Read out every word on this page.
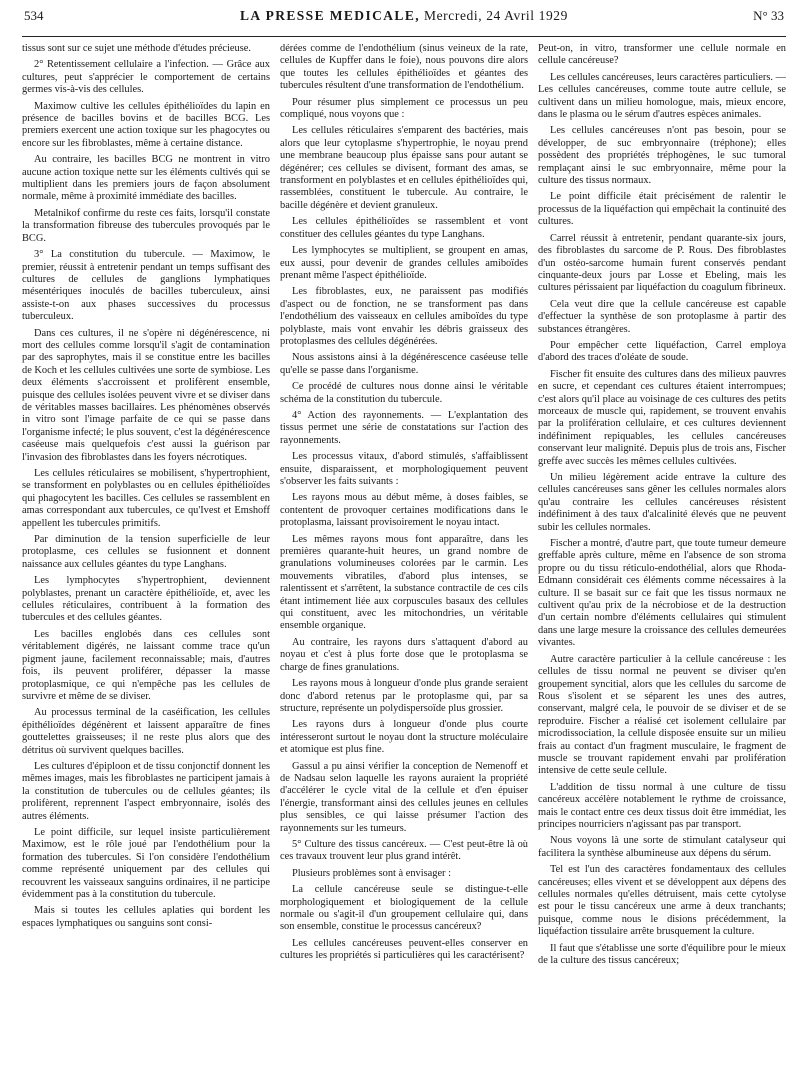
534	LA PRESSE MEDICALE, Mercredi, 24 Avril 1929	N° 33

tissus sont sur ce sujet une méthode d'études précieuse.

2° Retentissement cellulaire a l'infection. — Grâce aux cultures, peut s'apprécier le comportement de certains germes vis-à-vis des cellules.

Maximow cultive les cellules épithélioïdes du lapin en présence de bacilles bovins et de bacilles BCG. Les premiers exercent une action toxique sur les phagocytes ou encore sur les fibroblastes, même à certaine distance.

Au contraire, les bacilles BCG ne montrent in vitro aucune action toxique nette sur les éléments cultivés qui se multiplient dans les premiers jours de façon absolument normale, même à proximité immédiate des bacilles.

Metalnikof confirme du reste ces faits, lorsqu'il constate la transformation fibreuse des tubercules provoqués par le BCG.

3° La constitution du tubercule. — Maximow, le premier, réussit à entretenir pendant un temps suffisant des cultures de cellules de ganglions lymphatiques mésentériques inoculés de bacilles tuberculeux, ainsi assiste-t-on aux phases successives du processus tuberculeux.

Dans ces cultures, il ne s'opère ni dégénérescence, ni mort des cellules comme lorsqu'il s'agit de contamination par des saprophytes, mais il se constitue entre les bacilles de Koch et les cellules cultivées une sorte de symbiose. Les deux éléments s'accroissent et prolifèrent ensemble, puisque des cellules isolées peuvent vivre et se diviser dans de véritables masses bacillaires. Les phénomènes observés in vitro sont l'image parfaite de ce qui se passe dans l'organisme infecté; le plus souvent, c'est la dégénérescence caséeuse mais quelquefois c'est aussi la guérison par l'invasion des fibroblastes dans les foyers nécrotiques.

Les cellules réticulaires se mobilisent, s'hypertrophient, se transforment en polyblastes ou en cellules épithélioïdes qui phagocytent les bacilles. Ces cellules se rassemblent en amas correspondant aux tubercules, ce qu'Ivest et Emshoff appellent les tubercules primitifs.

Par diminution de la tension superficielle de leur protoplasme, ces cellules se fusionnent et donnent naissance aux cellules géantes du type Langhans.

Les lymphocytes s'hypertrophient, deviennent polyblastes, prenant un caractère épithélioïde, et, avec les cellules réticulaires, contribuent à la formation des tubercules et des cellules géantes.

Les bacilles englobés dans ces cellules sont véritablement digérés, ne laissant comme trace qu'un pigment jaune, facilement reconnaissable; mais, d'autres fois, ils peuvent proliférer, dépasser la masse protoplasmique, ce qui n'empêche pas les cellules de survivre et même de se diviser.

Au processus terminal de la caséification, les cellules épithélioïdes dégénèrent et laissent apparaître de fines gouttelettes graisseuses; il ne reste plus alors que des détritus où survivent quelques bacilles.

Les cultures d'épiploon et de tissu conjonctif donnent les mêmes images, mais les fibroblastes ne participent jamais à la constitution de tubercules ou de cellules géantes; ils prolifèrent, reprennent l'aspect embryonnaire, isolés des autres éléments.

Le point difficile, sur lequel insiste particulièrement Maximow, est le rôle joué par l'endothélium pour la formation des tubercules. Si l'on considère l'endothélium comme représenté uniquement par des cellules qui recouvrent les vaisseaux sanguins ordinaires, il ne participe évidemment pas à la constitution du tubercule.

Mais si toutes les cellules aplaties qui bordent les espaces lymphatiques ou sanguins sont consi-

dérées comme de l'endothélium (sinus veineux de la rate, cellules de Kupffer dans le foie), nous pouvons dire alors que toutes les cellules épithélioïdes et géantes des tubercules résultent d'une transformation de l'endothélium.

Pour résumer plus simplement ce processus un peu compliqué, nous voyons que :

Les cellules réticulaires s'emparent des bactéries, mais alors que leur cytoplasme s'hypertrophie, le noyau prend une membrane beaucoup plus épaisse sans pour autant se dégénérer; ces cellules se divisent, formant des amas, se transforment en polyblastes et en cellules épithélioïdes qui, rassemblées, constituent le tubercule. Au contraire, le bacille dégénère et devient granuleux.

Les cellules épithélioïdes se rassemblent et vont constituer des cellules géantes du type Langhans.

Les lymphocytes se multiplient, se groupent en amas, eux aussi, pour devenir de grandes cellules amiboïdes prenant même l'aspect épithélioïde.

Les fibroblastes, eux, ne paraissent pas modifiés d'aspect ou de fonction, ne se transforment pas dans l'endothélium des vaisseaux en cellules amiboïdes du type polyblaste, mais vont envahir les débris graisseux des protoplasmes des cellules dégénérées.

Nous assistons ainsi à la dégénérescence caséeuse telle qu'elle se passe dans l'organisme.

Ce procédé de cultures nous donne ainsi le véritable schéma de la constitution du tubercule.

4° Action des rayonnements. — L'explantation des tissus permet une série de constatations sur l'action des rayonnements.

Les processus vitaux, d'abord stimulés, s'affaiblissent ensuite, disparaissent, et morphologiquement peuvent s'observer les faits suivants :

Les rayons mous au début même, à doses faibles, se contentent de provoquer certaines modifications dans le protoplasma, laissant provisoirement le noyau intact.

Les mêmes rayons mous font apparaître, dans les premières quarante-huit heures, un grand nombre de granulations volumineuses colorées par le carmin. Les mouvements vibratiles, d'abord plus intenses, se ralentissent et s'arrêtent, la substance contractile de ces cils étant intimement liée aux corpuscules basaux des cellules qui constituent, avec les mitochondries, un véritable ensemble organique.

Au contraire, les rayons durs s'attaquent d'abord au noyau et c'est à plus forte dose que le protoplasma se charge de fines granulations.

Les rayons mous à longueur d'onde plus grande seraient donc d'abord retenus par le protoplasme qui, par sa structure, représente un polydispersoïde plus grossier.

Les rayons durs à longueur d'onde plus courte intéresseront surtout le noyau dont la structure moléculaire et atomique est plus fine.

Gassul a pu ainsi vérifier la conception de Nemenoff et de Nadsau selon laquelle les rayons auraient la propriété d'accélérer le cycle vital de la cellule et d'en épuiser l'énergie, transformant ainsi des cellules jeunes en cellules plus sensibles, ce qui laisse présumer l'action des rayonnements sur les tumeurs.

5° Culture des tissus cancéreux. — C'est peut-être là où ces travaux trouvent leur plus grand intérêt.

Plusieurs problèmes sont à envisager :

La cellule cancéreuse seule se distingue-t-elle morphologiquement et biologiquement de la cellule normale ou s'agit-il d'un groupement cellulaire qui, dans son ensemble, constitue le processus cancéreux?

Les cellules cancéreuses peuvent-elles conserver en cultures les propriétés si particulières qui les caractérisent?

Peut-on, in vitro, transformer une cellule normale en cellule cancéreuse?

Les cellules cancéreuses, leurs caractères particuliers. — Les cellules cancéreuses, comme toute autre cellule, se cultivent dans un milieu homologue, mais, mieux encore, dans le plasma ou le sérum d'autres espèces animales.

Les cellules cancéreuses n'ont pas besoin, pour se développer, de suc embryonnaire (tréphone); elles possèdent des propriétés tréphogènes, le suc tumoral remplaçant ainsi le suc embryonnaire, même pour la culture des tissus normaux.

Le point difficile était précisément de ralentir le processus de la liquéfaction qui empêchait la continuité des cultures.

Carrel réussit à entretenir, pendant quarante-six jours, des fibroblastes du sarcome de P. Rous. Des fibroblastes d'un ostéo-sarcome humain furent conservés pendant cinquante-deux jours par Losse et Ebeling, mais les cultures périssaient par liquéfaction du coagulum fibrineux.

Cela veut dire que la cellule cancéreuse est capable d'effectuer la synthèse de son protoplasme à partir des substances étrangères.

Pour empêcher cette liquéfaction, Carrel employa d'abord des traces d'oléate de soude.

Fischer fit ensuite des cultures dans des milieux pauvres en sucre, et cependant ces cultures étaient interrompues; c'est alors qu'il place au voisinage de ces cultures des petits morceaux de muscle qui, rapidement, se trouvent envahis par la prolifération cellulaire, et ces cultures deviennent indéfiniment repiquables, les cellules cancéreuses conservant leur malignité. Depuis plus de trois ans, Fischer greffe avec succès les mêmes cellules cultivées.

Un milieu légèrement acide entrave la culture des cellules cancéreuses sans gêner les cellules normales alors qu'au contraire les cellules cancéreuses résistent indéfiniment à des taux d'alcalinité élevés que ne peuvent subir les cellules normales.

Fischer a montré, d'autre part, que toute tumeur demeure greffable après culture, même en l'absence de son stroma propre ou du tissu réticulo-endothélial, alors que Rhoda-Edmann considérait ces éléments comme nécessaires à la culture. Il se basait sur ce fait que les tissus normaux ne cultivent qu'au prix de la nécrobiose et de la destruction d'un certain nombre d'éléments cellulaires qui stimulent dans une large mesure la croissance des cellules demeurées vivantes.

Autre caractère particulier à la cellule cancéreuse : les cellules de tissu normal ne peuvent se diviser qu'en groupement syncitial, alors que les cellules du sarcome de Rous s'isolent et se séparent les unes des autres, conservant, malgré cela, le pouvoir de se diviser et de se reproduire. Fischer a réalisé cet isolement cellulaire par microdissociation, la cellule disposée ensuite sur un milieu frais au contact d'un fragment musculaire, le fragment de muscle se trouvant rapidement envahi par prolifération intensive de cette seule cellule.

L'addition de tissu normal à une culture de tissu cancéreux accélère notablement le rythme de croissance, mais le contact entre ces deux tissus doit être immédiat, les principes nourriciers n'agissant pas par transport.

Nous voyons là une sorte de stimulant catalyseur qui facilitera la synthèse albumineuse aux dépens du sérum.

Tel est l'un des caractères fondamentaux des cellules cancéreuses; elles vivent et se développent aux dépens des cellules normales qu'elles détruisent, mais cette cytolyse est pour le tissu cancéreux une arme à deux tranchants; puisque, comme nous le disions précédemment, la liquéfaction tissulaire arrête brusquement la culture.

Il faut que s'établisse une sorte d'équilibre pour le mieux de la culture des tissus cancéreux;
